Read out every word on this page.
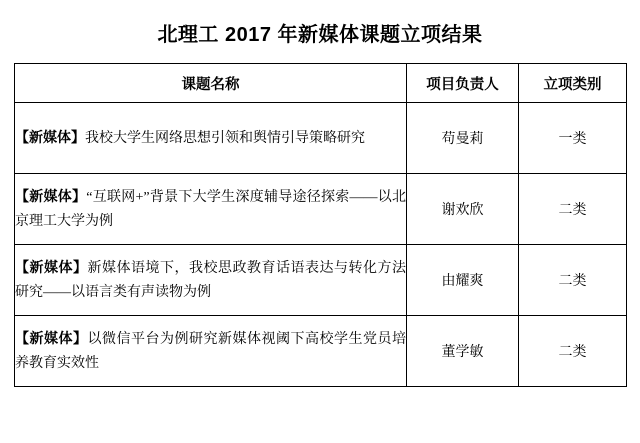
北理工 2017 年新媒体课题立项结果
课题名称	项目负责人	立项类别
【新媒体】我校大学生网络思想引领和舆情引导策略研究	苟曼莉	一类
【新媒体】“互联网+”背景下大学生深度辅导途径探索——以北京理工大学为例	谢欢欣	二类
【新媒体】新媒体语境下，我校思政教育话语表达与转化方法研究——以语言类有声读物为例	由耀爽	二类
【新媒体】以微信平台为例研究新媒体视阈下高校学生党员培养教育实效性	董学敏	二类
